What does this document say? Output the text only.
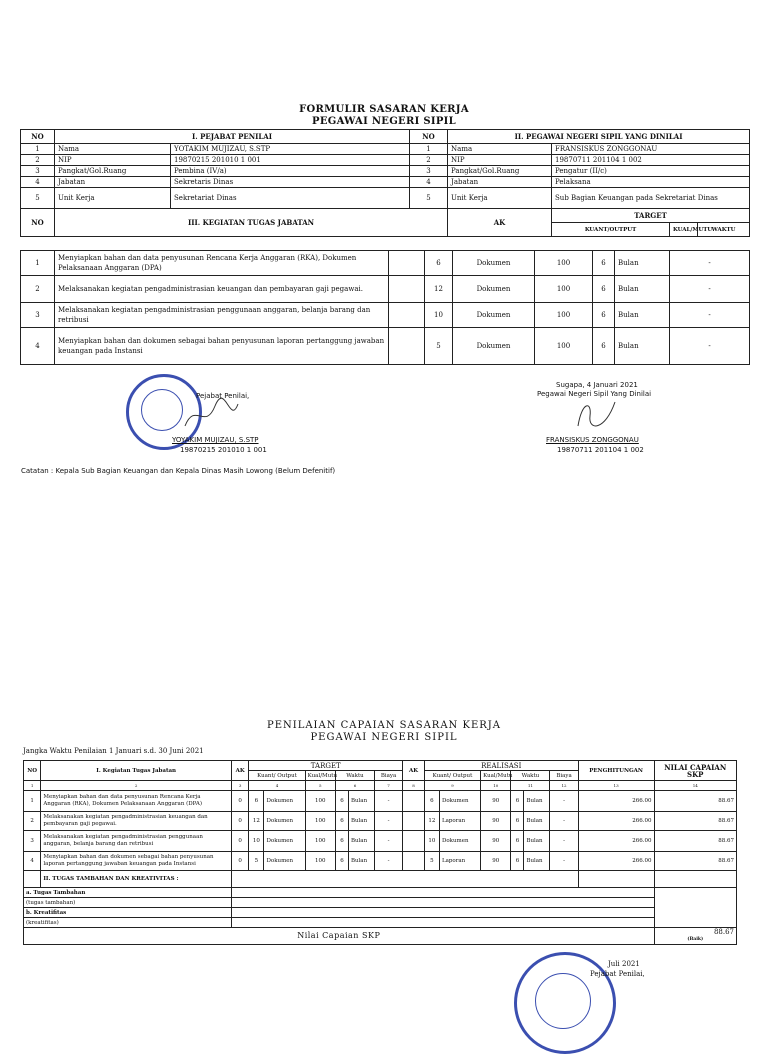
FORMULIR SASARAN KERJA
PEGAWAI NEGERI SIPIL
NO	I. PEJABAT PENILAI		NO	II. PEGAWAI NEGERI SIPIL YANG DINILAI				
1	Nama	YOTAKIM MUJIZAU, S.STP	1	Nama	FRANSISKUS ZONGGONAU			
2	NIP	19870215 201010 1 001	2	NIP	19870711 201104 1 002			
3	Pangkat/Gol.Ruang	Pembina (IV/a)	3	Pangkat/Gol.Ruang	Pengatur (II/c)			
4	Jabatan	Sekretaris Dinas	4	Jabatan	Pelaksana			
5	Unit Kerja	Sekretariat Dinas	5	Unit Kerja	Sub Bagian Keuangan pada Sekretariat Dinas			
NO	III. KEGIATAN TUGAS JABATAN			AK	TARGET			
					KUANT/OUTPUT	KUAL/MUTU	WAKTU	
1	Menyiapkan bahan dan data penyusunan Rencana Kerja Anggaran (RKA), Dokumen Pelaksanaan Anggaran (DPA)		6	Dokumen	100	6	Bulan	-
2	Melaksanakan kegiatan pengadministrasian keuangan dan pembayaran gaji pegawai.		12	Dokumen	100	6	Bulan	-
3	Melaksanakan kegiatan pengadministrasian penggunaan anggaran, belanja barang dan retribusi		10	Dokumen	100	6	Bulan	-
4	Menyiapkan bahan dan dokumen sebagai bahan penyusunan laporan pertanggung jawaban keuangan pada Instansi		5	Dokumen	100	6	Bulan	-
Pejabat Penilai,
YOYAKIM MUJIZAU, S.STP
19870215 201010 1 001
Sugapa, 4 Januari 2021
Pegawai Negeri Sipil Yang Dinilai
FRANSISKUS ZONGGONAU
19870711 201104 1 002
Catatan : Kepala Sub Bagian Keuangan dan Kepala Dinas Masih Lowong (Belum Defenitif)
PENILAIAN CAPAIAN SASARAN KERJA
PEGAWAI NEGERI SIPIL
Jangka Waktu Penilaian 1 Januari s.d. 30 Juni 2021
NO	I. Kegiatan Tugas Jabatan	AK	TARGET						AK	REALISASI						PENGHITUNGAN	NILAI CAPAIAN SKP
			Kuant/ Output		Kual/Mutu	Waktu		Biaya		Kuant/ Output		Kual/Mutu	Waktu		Biaya		
1	2	3	4		5	6		7	8	9		10	11		12	13	14
1	Menyiapkan bahan dan data penyusunan Rencana Kerja Anggaran (RKA), Dokumen Pelaksanaan Anggaran (DPA)	0	6	Dokumen	100	6	Bulan	-		6	Dokumen	90	6	Bulan	-	266.00	88.67
2	Melaksanakan kegiatan pengadministrasian keuangan dan pembayaran gaji pegawai.	0	12	Dokumen	100	6	Bulan	-		12	Laporan	90	6	Bulan	-	266.00	88.67
3	Melaksanakan kegiatan pengadministrasian penggunaan anggaran, belanja barang dan retribusi	0	10	Dokumen	100	6	Bulan	-		10	Dokumen	90	6	Bulan	-	266.00	88.67
4	Menyiapkan bahan dan dokumen sebagai bahan penyusunan laporan pertanggung jawaban keuangan pada Instansi	0	5	Dokumen	100	6	Bulan	-		5	Laporan	90	6	Bulan	-	266.00	88.67
	II. TUGAS TAMBAHAN DAN KREATIVITAS :																
a. Tugas Tambahan																	
(tugas tambahan)																	
b. Kreatifitas																	
(kreatifitas)																	
Nilai Capaian SKP																	88.67
(Baik)
Juli 2021
Pejabat Penilai,
